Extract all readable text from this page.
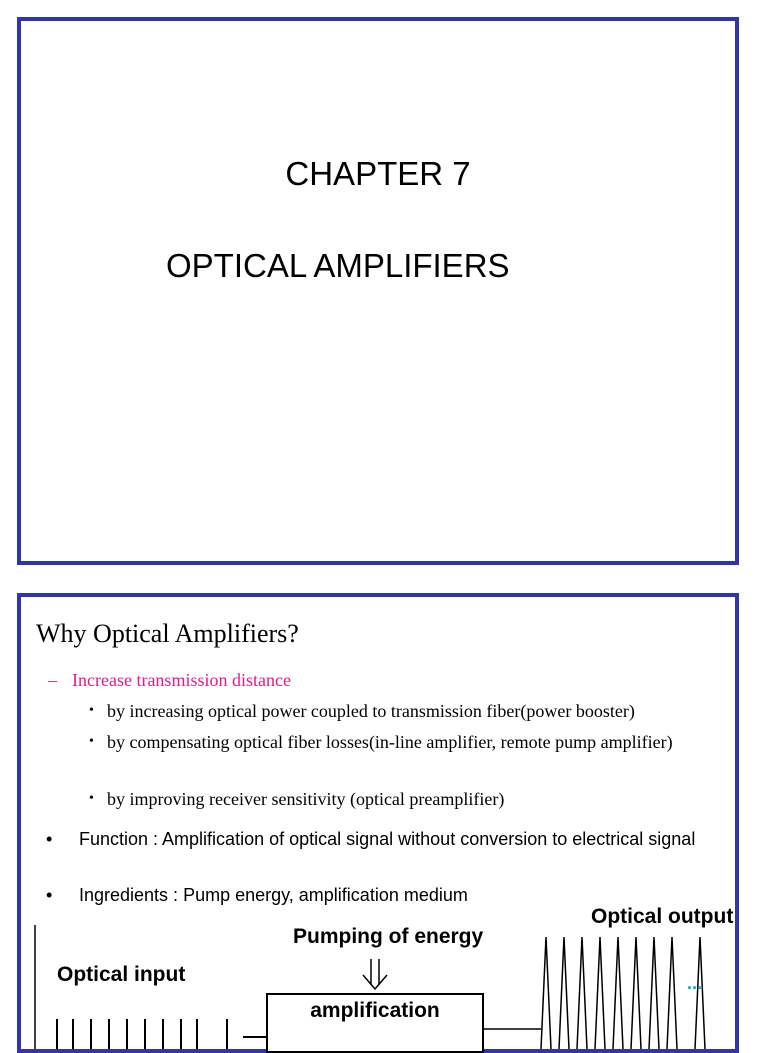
CHAPTER 7
OPTICAL AMPLIFIERS
Why Optical Amplifiers?
– Increase transmission distance
• by increasing optical power coupled to transmission fiber(power booster)
• by compensating optical fiber losses(in-line amplifier, remote pump amplifier)
• by improving receiver sensitivity (optical preamplifier)
•	Function : Amplification of optical signal without conversion to electrical signal
•	Ingredients : Pump energy, amplification medium
Pumping of energy
Optical output
Optical input
amplification
...
